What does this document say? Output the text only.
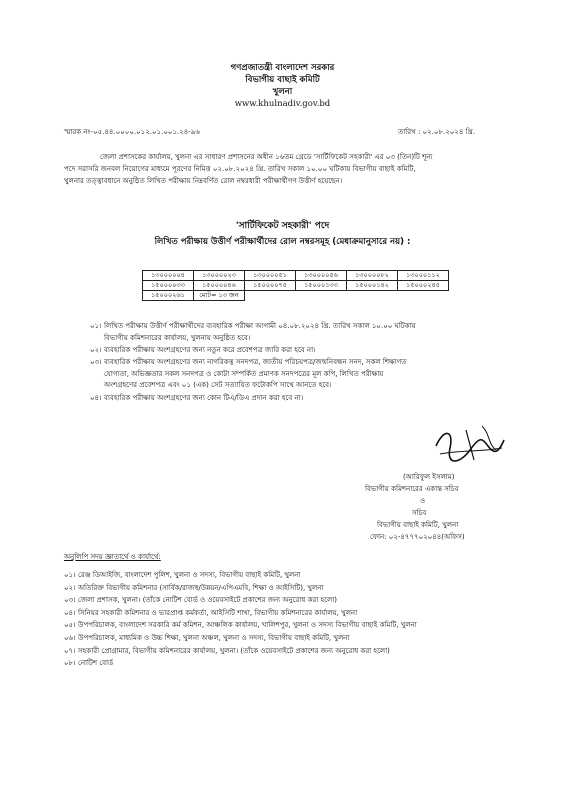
গণপ্রজাতন্ত্রী বাংলাদেশ সরকার
বিভাগীয় বাছাই কমিটি
খুলনা
www.khulnadiv.gov.bd
স্মারক নং-০৫.৪৪.০০০০.০১২.০১.০০১.২৪-৯৬	তারিখ : ০২.০৮.২০২৪ খ্রি.
জেলা প্রশাসকের কার্যালয়, খুলনা এর সাধারণ প্রশাসনের অধীন ১৬তম গ্রেডে 'সার্টিফিকেট সহকারী' এর ০৩ (তিন)টি শূন্য
পদে সরাসরি জনবল নিয়োগের মাধ্যমে পূরণের নিমিত্ত ০২.০৮.২০২৪ খ্রি. তারিখ সকাল ১০.০০ ঘটিকায় বিভাগীয় বাছাই কমিটি,
খুলনার তত্ত্বাবধানে অনুষ্ঠিত লিখিত পরীক্ষায় নিম্নবর্ণিত রোল নম্বরধারী পরীক্ষার্থীগণ উত্তীর্ণ হয়েছেন।
'সার্টিফিকেট সহকারী' পদে
লিখিত পরীক্ষায় উত্তীর্ণ পরীক্ষার্থীদের রোল নম্বরসমূহ (মেধাক্রমানুসারে নয়) :
১৩০০০০০৪	১৩০০০০২৩	১৩০০০০৫১	১৩০০০০৫৬	১৩০০০০৮২	১৩০০০১১২
১৫০০০০৩৩	১৫০০০০৪৬	১৫০০০০৭৫	১৫০০০১৩৩	১৫০০০১৪২	১৫০০০২৪৫
১৫০০০২৬১	মোট= ১৩ জন				
০১। লিখিত পরীক্ষায় উত্তীর্ণ পরীক্ষার্থীদের ব্যবহারিক পরীক্ষা আগামী ০৪.০৮.২০২৪ খ্রি. তারিখ সকাল ১০.০০ ঘটিকায়
বিভাগীয় কমিশনারের কার্যালয়, খুলনায় অনুষ্ঠিত হবে।
০২। ব্যবহারিক পরীক্ষায় অংশগ্রহণের জন্য নতুন করে প্রবেশপত্র জারি করা হবে না।
০৩। ব্যবহারিক পরীক্ষায় অংশগ্রহণের জন্য নাগরিকত্ব সনদপত্র, জাতীয় পরিচয়পত্র/জন্মনিবন্ধন সনদ, সকল শিক্ষাগত
যোগ্যতা, অভিজ্ঞতার সকল সনদপত্র ও কোটা সম্পর্কিত প্রমাণক সনদপত্রের মূল কপি, লিখিত পরীক্ষায়
অংশগ্রহণের প্রবেশপত্র এবং ০১ (এক) সেট সত্যায়িত ফটোকপি সাথে আনতে হবে।
০৪। ব্যবহারিক পরীক্ষায় অংশগ্রহণের জন্য কোন টিএ/ডিএ প্রদান করা হবে না।
(আরিফুল ইসলাম)
বিভাগীয় কমিশনারের একান্ত সচিব
ও
সচিব
বিভাগীয় বাছাই কমিটি, খুলনা
ফোন: ০২-৪৭৭৭০২০৪৪(অফিস)
অনুলিপি সদয় জ্ঞাতার্থে ও কার্যার্থে:
০১। রেঞ্জ ডিআইজি, বাংলাদেশ পুলিশ, খুলনা ও সদস্য, বিভাগীয় বাছাই কমিটি, খুলনা
০২। অতিরিক্ত বিভাগীয় কমিশনার (সার্বিক/রাজস্ব/উন্নয়ন/এপিএমবি, শিক্ষা ও আইসিটি), খুলনা
০৩। জেলা প্রশাসক, খুলনা। (তাঁকে নোটিশ বোর্ড ও ওয়েবসাইটে প্রকাশের জন্য অনুরোধ করা হলো)
০৪। সিনিয়র সহকারী কমিশনার ও ভারপ্রাপ্ত কর্মকর্তা, আইসিটি শাখা, বিভাগীয় কমিশনারের কার্যালয়, খুলনা
০৫। উপপরিচালক, বাংলাদেশ সরকারি কর্ম কমিশন, আঞ্চলিক কার্যালয়, খালিশপুর, খুলনা ও সদস্য বিভাগীয় বাছাই কমিটি, খুলনা
০৬। উপপরিচালক, মাধ্যমিক ও উচ্চ শিক্ষা, খুলনা অঞ্চল, খুলনা ও সদস্য, বিভাগীয় বাছাই কমিটি, খুলনা
০৭। সহকারী প্রোগ্রামার, বিভাগীয় কমিশনারের কার্যালয়, খুলনা। (তাঁকে ওয়েবসাইটে প্রকাশের জন্য অনুরোধ করা হলো)
০৮। নোটিশ বোর্ড
